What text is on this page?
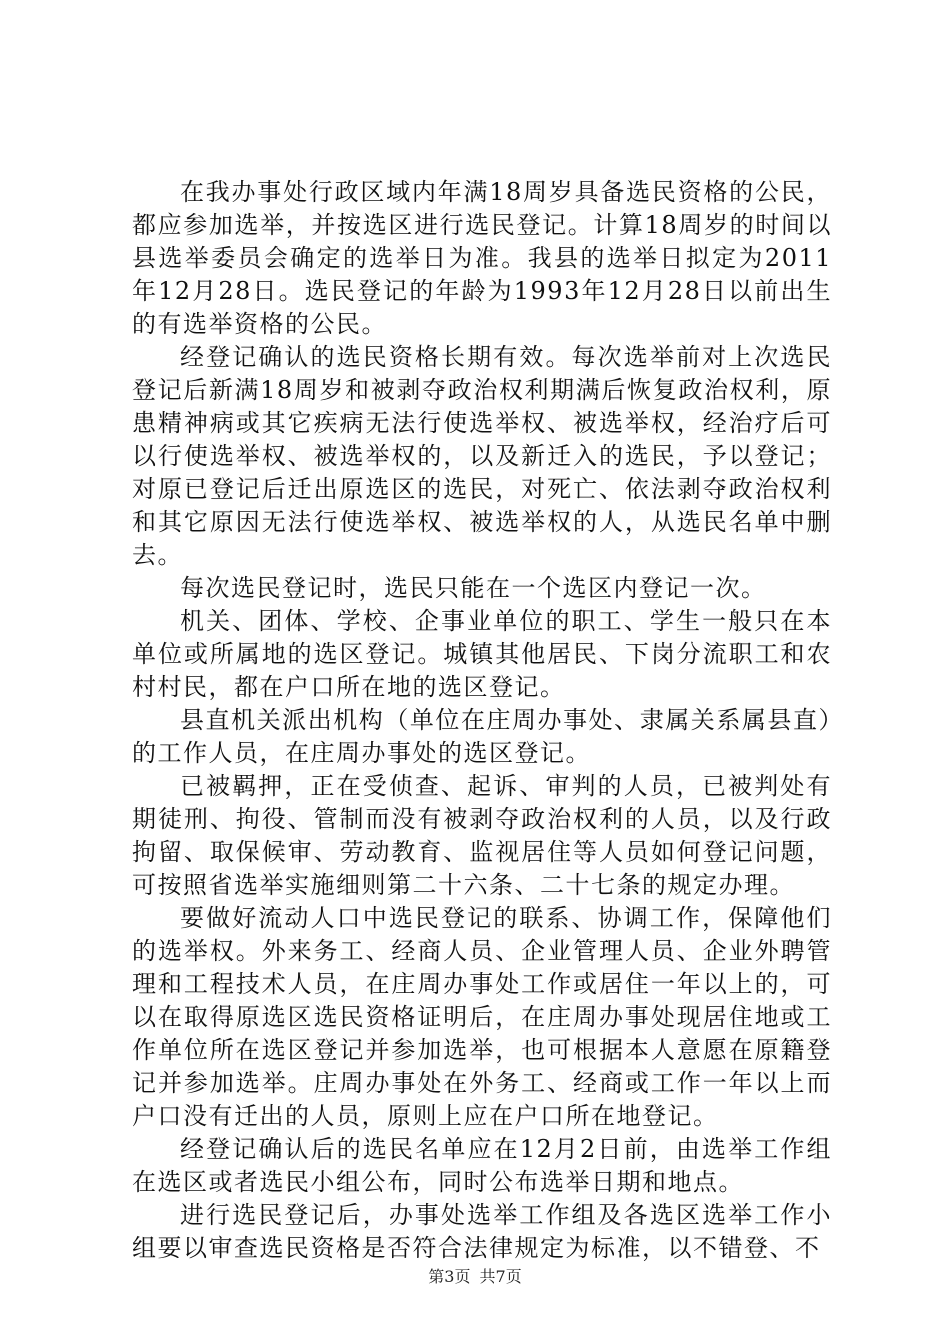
在我办事处行政区域内年满18周岁具备选民资格的公民，都应参加选举，并按选区进行选民登记。计算18周岁的时间以县选举委员会确定的选举日为准。我县的选举日拟定为2011年12月28日。选民登记的年龄为1993年12月28日以前出生的有选举资格的公民。

经登记确认的选民资格长期有效。每次选举前对上次选民登记后新满18周岁和被剥夺政治权利期满后恢复政治权利，原患精神病或其它疾病无法行使选举权、被选举权，经治疗后可以行使选举权、被选举权的，以及新迁入的选民，予以登记；对原已登记后迁出原选区的选民，对死亡、依法剥夺政治权利和其它原因无法行使选举权、被选举权的人，从选民名单中删去。

每次选民登记时，选民只能在一个选区内登记一次。

机关、团体、学校、企事业单位的职工、学生一般只在本单位或所属地的选区登记。城镇其他居民、下岗分流职工和农村村民，都在户口所在地的选区登记。

县直机关派出机构（单位在庄周办事处、隶属关系属县直）的工作人员，在庄周办事处的选区登记。

已被羁押，正在受侦查、起诉、审判的人员，已被判处有期徒刑、拘役、管制而没有被剥夺政治权利的人员，以及行政拘留、取保候审、劳动教育、监视居住等人员如何登记问题，可按照省选举实施细则第二十六条、二十七条的规定办理。

要做好流动人口中选民登记的联系、协调工作，保障他们的选举权。外来务工、经商人员、企业管理人员、企业外聘管理和工程技术人员，在庄周办事处工作或居住一年以上的，可以在取得原选区选民资格证明后，在庄周办事处现居住地或工作单位所在选区登记并参加选举，也可根据本人意愿在原籍登记并参加选举。庄周办事处在外务工、经商或工作一年以上而户口没有迁出的人员，原则上应在户口所在地登记。

经登记确认后的选民名单应在12月2日前，由选举工作组在选区或者选民小组公布，同时公布选举日期和地点。

进行选民登记后，办事处选举工作组及各选区选举工作小组要以审查选民资格是否符合法律规定为标准，以不错登、不

第3页 共7页
